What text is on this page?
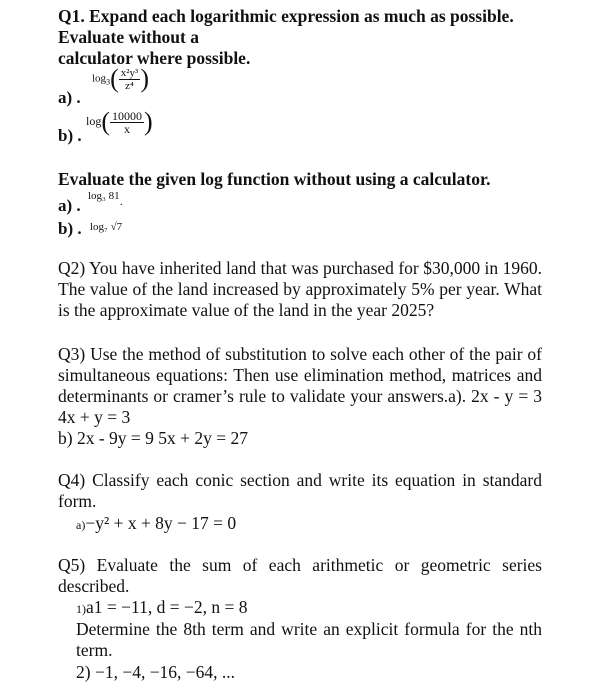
Q1. Expand each logarithmic expression as much as possible.
Evaluate without a
calculator where possible.
a) .
$\log_3( \frac{\text{x²y³}}{\text{z⁴}}$ )
b) .
$\log( \frac{10000}{x}$ )
Evaluate the given log function without using a calculator.
a) . log₃ 81 .
b) . log₇ √7
Q2) You have inherited land that was purchased for $30,000 in 1960. The value of the land increased by approximately 5% per year. What is the approximate value of the land in the year 2025?
Q3) Use the method of substitution to solve each other of the pair of simultaneous equations: Then use elimination method, matrices and determinants or cramer’s rule to validate your answers.a). 2x - y = 3 4x + y = 3
b) 2x - 9y = 9 5x + 2y = 27
Q4) Classify each conic section and write its equation in standard form.
a)−y² + x + 8y − 17 = 0
Q5) Evaluate the sum of each arithmetic or geometric series described.
1)a1 = −11, d = −2, n = 8
Determine the 8th term and write an explicit formula for the nth term.
2) −1, −4, −16, −64, ...
